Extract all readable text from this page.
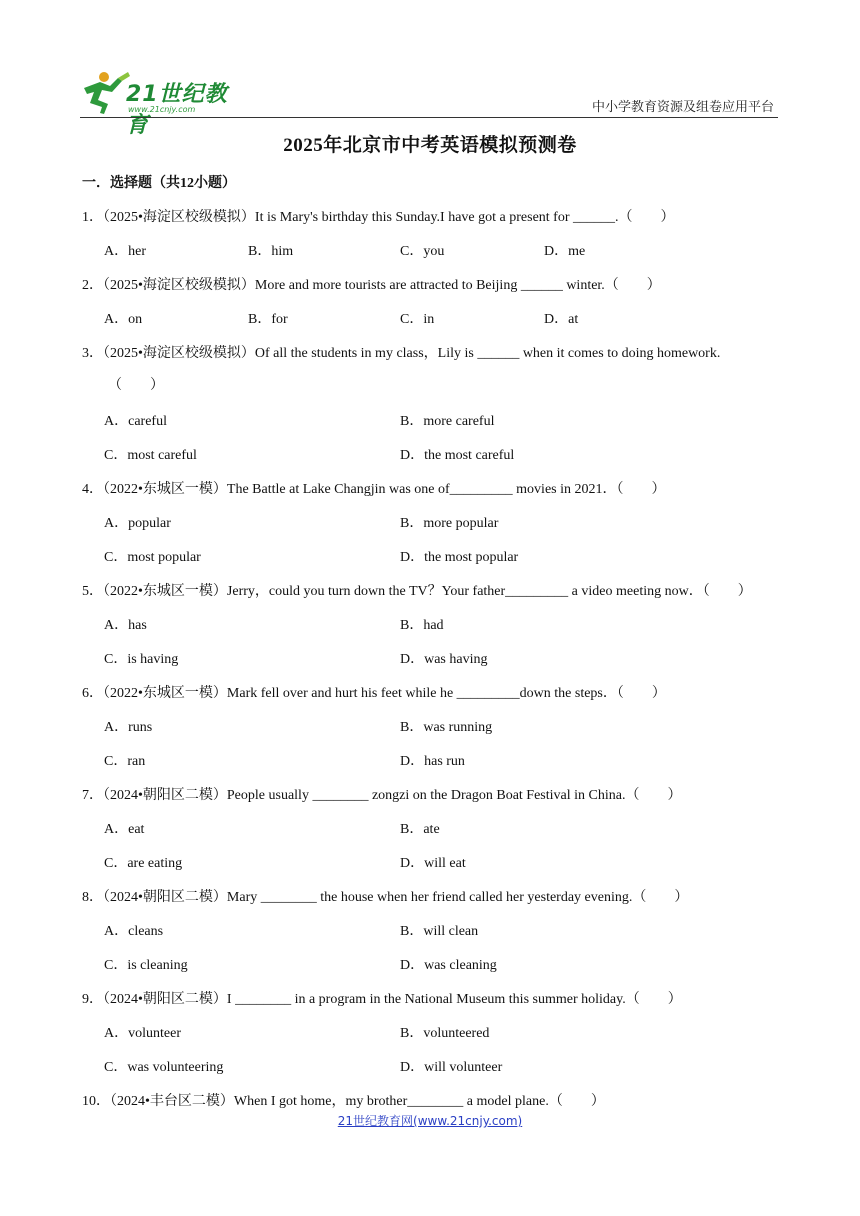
21世纪教育
www.21cnjy.com	中小学教育资源及组卷应用平台
2025年北京市中考英语模拟预测卷
一．选择题（共12小题）
1．（2025•海淀区校级模拟）It is Mary's birthday this Sunday.I have got a present for ______.（　　）
A．her	B．him	C．you	D．me
2．（2025•海淀区校级模拟）More and more tourists are attracted to Beijing ______ winter.（　　）
A．on	B．for	C．in	D．at
3．（2025•海淀区校级模拟）Of all the students in my class，Lily is ______ when it comes to doing homework.
（　　）
A．careful	B．more careful
C．most careful	D．the most careful
4．（2022•东城区一模）The Battle at Lake Changjin was one of_________ movies in 2021．（　　）
A．popular	B．more popular
C．most popular	D．the most popular
5．（2022•东城区一模）Jerry，could you turn down the TV？Your father_________ a video meeting now．（　　）
A．has	B．had
C．is having	D．was having
6．（2022•东城区一模）Mark fell over and hurt his feet while he _________down the steps．（　　）
A．runs	B．was running
C．ran	D．has run
7．（2024•朝阳区二模）People usually ________ zongzi on the Dragon Boat Festival in China.（　　）
A．eat	B．ate
C．are eating	D．will eat
8．（2024•朝阳区二模）Mary ________ the house when her friend called her yesterday evening.（　　）
A．cleans	B．will clean
C．is cleaning	D．was cleaning
9．（2024•朝阳区二模）I ________ in a program in the National Museum this summer holiday.（　　）
A．volunteer	B．volunteered
C．was volunteering	D．will volunteer
10．（2024•丰台区二模）When I got home，my brother________ a model plane.（　　）
21世纪教育网(www.21cnjy.com)
